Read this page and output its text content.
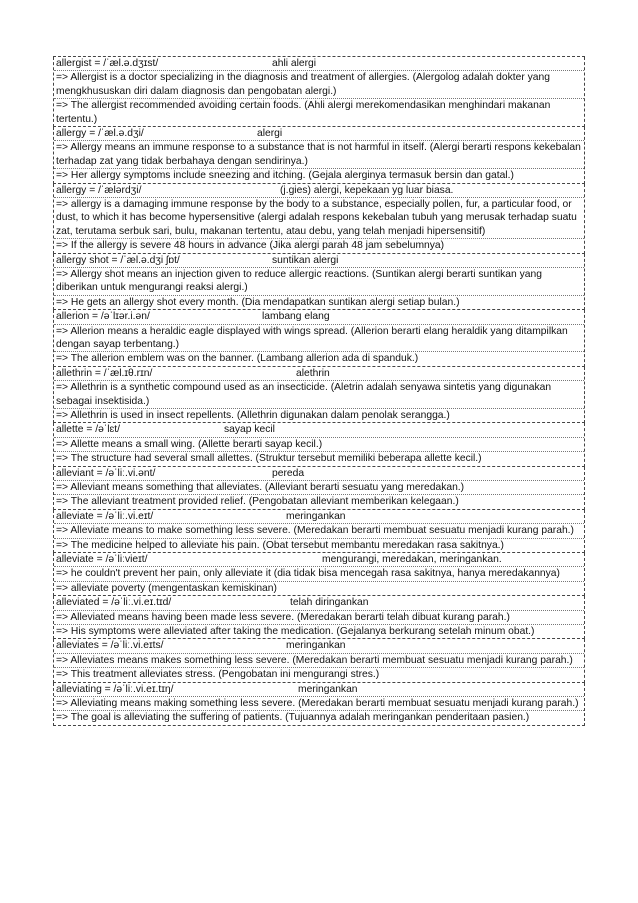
allergist = /ˈæl.ə.dʒɪst/	ahli alergi
=> Allergist is a doctor specializing in the diagnosis and treatment of allergies. (Alergolog adalah dokter yang mengkhususkan diri dalam diagnosis dan pengobatan alergi.)
=> The allergist recommended avoiding certain foods. (Ahli alergi merekomendasikan menghindari makanan tertentu.)
allergy = /ˈæl.ə.dʒi/	alergi
=> Allergy means an immune response to a substance that is not harmful in itself. (Alergi berarti respons kekebalan terhadap zat yang tidak berbahaya dengan sendirinya.)
=> Her allergy symptoms include sneezing and itching. (Gejala alerginya termasuk bersin dan gatal.)
allergy = /ˈælərdʒi/	(j.gies) alergi, kepekaan yg luar biasa.
=> allergy is a damaging immune response by the body to a substance, especially pollen, fur, a particular food, or dust, to which it has become hypersensitive (alergi adalah respons kekebalan tubuh yang merusak terhadap suatu zat, terutama serbuk sari, bulu, makanan tertentu, atau debu, yang telah menjadi hipersensitif)
=> If the allergy is severe 48 hours in advance (Jika alergi parah 48 jam sebelumnya)
allergy shot = /ˈæl.ə.dʒi ʃɒt/	suntikan alergi
=> Allergy shot means an injection given to reduce allergic reactions. (Suntikan alergi berarti suntikan yang diberikan untuk mengurangi reaksi alergi.)
=> He gets an allergy shot every month. (Dia mendapatkan suntikan alergi setiap bulan.)
allerion = /əˈlɪər.i.ən/	lambang elang
=> Allerion means a heraldic eagle displayed with wings spread. (Allerion berarti elang heraldik yang ditampilkan dengan sayap terbentang.)
=> The allerion emblem was on the banner. (Lambang allerion ada di spanduk.)
allethrin = /ˈæl.ɪθ.rɪn/	alethrin
=> Allethrin is a synthetic compound used as an insecticide. (Aletrin adalah senyawa sintetis yang digunakan sebagai insektisida.)
=> Allethrin is used in insect repellents. (Allethrin digunakan dalam penolak serangga.)
allette = /əˈlɛt/	sayap kecil
=> Allette means a small wing. (Allette berarti sayap kecil.)
=> The structure had several small allettes. (Struktur tersebut memiliki beberapa allette kecil.)
alleviant = /əˈliː.vi.ənt/	pereda
=> Alleviant means something that alleviates. (Alleviant berarti sesuatu yang meredakan.)
=> The alleviant treatment provided relief. (Pengobatan alleviant memberikan kelegaan.)
alleviate = /əˈliː.vi.eɪt/	meringankan
=> Alleviate means to make something less severe. (Meredakan berarti membuat sesuatu menjadi kurang parah.)
=> The medicine helped to alleviate his pain. (Obat tersebut membantu meredakan rasa sakitnya.)
alleviate = /əˈliːvieɪt/	mengurangi, meredakan, meringankan.
=> he couldn't prevent her pain, only alleviate it (dia tidak bisa mencegah rasa sakitnya, hanya meredakannya)
=> alleviate poverty (mengentaskan kemiskinan)
alleviated = /əˈliː.vi.eɪ.tɪd/	telah diringankan
=> Alleviated means having been made less severe. (Meredakan berarti telah dibuat kurang parah.)
=> His symptoms were alleviated after taking the medication. (Gejalanya berkurang setelah minum obat.)
alleviates = /əˈliː.vi.eɪts/	meringankan
=> Alleviates means makes something less severe. (Meredakan berarti membuat sesuatu menjadi kurang parah.)
=> This treatment alleviates stress. (Pengobatan ini mengurangi stres.)
alleviating = /əˈliː.vi.eɪ.tɪŋ/	meringankan
=> Alleviating means making something less severe. (Meredakan berarti membuat sesuatu menjadi kurang parah.)
=> The goal is alleviating the suffering of patients. (Tujuannya adalah meringankan penderitaan pasien.)
